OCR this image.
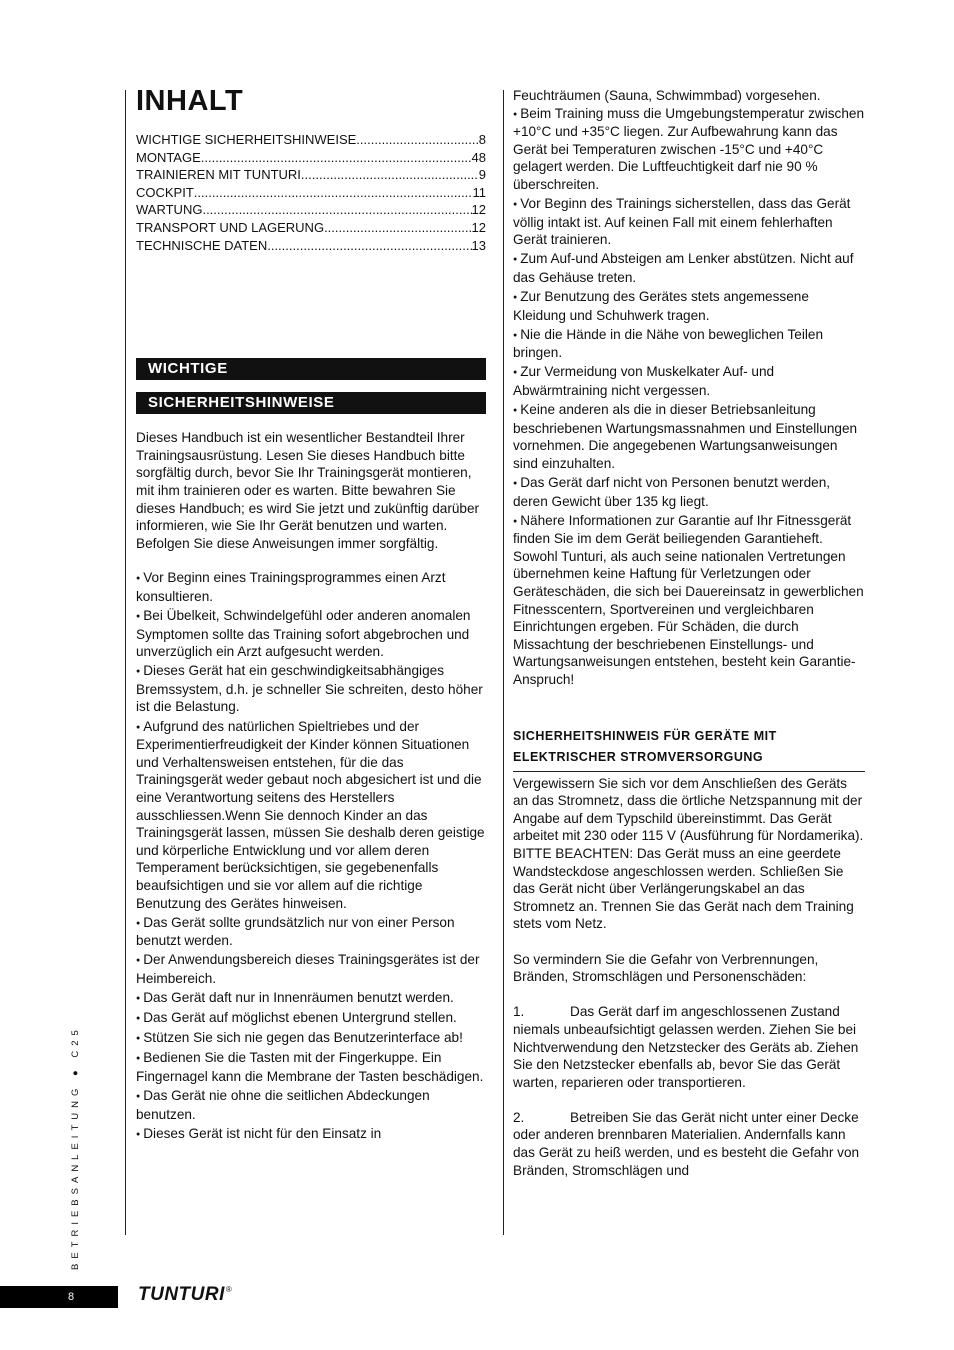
BETRIEBSANLEITUNG ● C25
INHALT
WICHTIGE SICHERHEITSHINWEISE .....	8
MONTAGE .....	48
TRAINIEREN MIT TUNTURI .....	9
COCKPIT .....	11
WARTUNG .....	12
TRANSPORT UND LAGERUNG .....	12
TECHNISCHE DATEN .....	13
WICHTIGE
SICHERHEITSHINWEISE
Dieses Handbuch ist ein wesentlicher Bestandteil Ihrer Trainingsausrüstung. Lesen Sie dieses Handbuch bitte sorgfältig durch, bevor Sie Ihr Trainingsgerät montieren, mit ihm trainieren oder es warten. Bitte bewahren Sie dieses Handbuch; es wird Sie jetzt und zukünftig darüber informieren, wie Sie Ihr Gerät benutzen und warten. Befolgen Sie diese Anweisungen immer sorgfältig.
● Vor Beginn eines Trainingsprogrammes einen Arzt konsultieren.
● Bei Übelkeit, Schwindelgefühl oder anderen anomalen Symptomen sollte das Training sofort abgebrochen und unverzüglich ein Arzt aufgesucht werden.
● Dieses Gerät hat ein geschwindigkeitsabhängiges Bremssystem, d.h. je schneller Sie schreiten, desto höher ist die Belastung.
● Aufgrund des natürlichen Spieltriebes und der Experimentierfreudigkeit der Kinder können Situationen und Verhaltensweisen entstehen, für die das Trainingsgerät weder gebaut noch abgesichert ist und die eine Verantwortung seitens des Herstellers ausschliessen.Wenn Sie dennoch Kinder an das Trainingsgerät lassen, müssen Sie deshalb deren geistige und körperliche Entwicklung und vor allem deren Temperament berücksichtigen, sie gegebenenfalls beaufsichtigen und sie vor allem auf die richtige Benutzung des Gerätes hinweisen.
● Das Gerät sollte grundsätzlich nur von einer Person benutzt werden.
● Der Anwendungsbereich dieses Trainingsgerätes ist der Heimbereich.
● Das Gerät daft nur in Innenräumen benutzt werden.
● Das Gerät auf möglichst ebenen Untergrund stellen.
● Stützen Sie sich nie gegen das Benutzerinterface ab!
● Bedienen Sie die Tasten mit der Fingerkuppe. Ein Fingernagel kann die Membrane der Tasten beschädigen.
● Das Gerät nie ohne die seitlichen Abdeckungen benutzen.
● Dieses Gerät ist nicht für den Einsatz in
Feuchträumen (Sauna, Schwimmbad) vorgesehen.
● Beim Training muss die Umgebungstemperatur zwischen +10°C und +35°C liegen. Zur Aufbewahrung kann das Gerät bei Temperaturen zwischen -15°C und +40°C gelagert werden. Die Luftfeuchtigkeit darf nie 90 % überschreiten.
● Vor Beginn des Trainings sicherstellen, dass das Gerät völlig intakt ist. Auf keinen Fall mit einem fehlerhaften Gerät trainieren.
● Zum Auf-und Absteigen am Lenker abstützen. Nicht auf das Gehäuse treten.
● Zur Benutzung des Gerätes stets angemessene Kleidung und Schuhwerk tragen.
● Nie die Hände in die Nähe von beweglichen Teilen bringen.
● Zur Vermeidung von Muskelkater Auf- und Abwärmtraining nicht vergessen.
● Keine anderen als die in dieser Betriebsanleitung beschriebenen Wartungsmassnahmen und Einstellungen vornehmen. Die angegebenen Wartungsanweisungen sind einzuhalten.
● Das Gerät darf nicht von Personen benutzt werden, deren Gewicht über 135 kg liegt.
● Nähere Informationen zur Garantie auf Ihr Fitnessgerät finden Sie im dem Gerät beiliegenden Garantieheft. Sowohl Tunturi, als auch seine nationalen Vertretungen übernehmen keine Haftung für Verletzungen oder Geräteschäden, die sich bei Dauereinsatz in gewerblichen Fitnesscentern, Sportvereinen und vergleichbaren Einrichtungen ergeben. Für Schäden, die durch Missachtung der beschriebenen Einstellungs- und Wartungsanweisungen entstehen, besteht kein Garantie-Anspruch!
SICHERHEITSHINWEIS FÜR GERÄTE MIT
ELEKTRISCHER STROMVERSORGUNG
Vergewissern Sie sich vor dem Anschließen des Geräts an das Stromnetz, dass die örtliche Netzspannung mit der Angabe auf dem Typschild übereinstimmt. Das Gerät arbeitet mit 230 oder 115 V (Ausführung für Nordamerika). BITTE BEACHTEN: Das Gerät muss an eine geerdete Wandsteckdose angeschlossen werden. Schließen Sie das Gerät nicht über Verlängerungskabel an das Stromnetz an. Trennen Sie das Gerät nach dem Training stets vom Netz.
So vermindern Sie die Gefahr von Verbrennungen, Bränden, Stromschlägen und Personenschäden:
1.	Das Gerät darf im angeschlossenen Zustand niemals unbeaufsichtigt gelassen werden. Ziehen Sie bei Nichtverwendung den Netzstecker des Geräts ab. Ziehen Sie den Netzstecker ebenfalls ab, bevor Sie das Gerät warten, reparieren oder transportieren.
2.	Betreiben Sie das Gerät nicht unter einer Decke oder anderen brennbaren Materialien. Andernfalls kann das Gerät zu heiß werden, und es besteht die Gefahr von Bränden, Stromschlägen und
8	TUNTURI®
